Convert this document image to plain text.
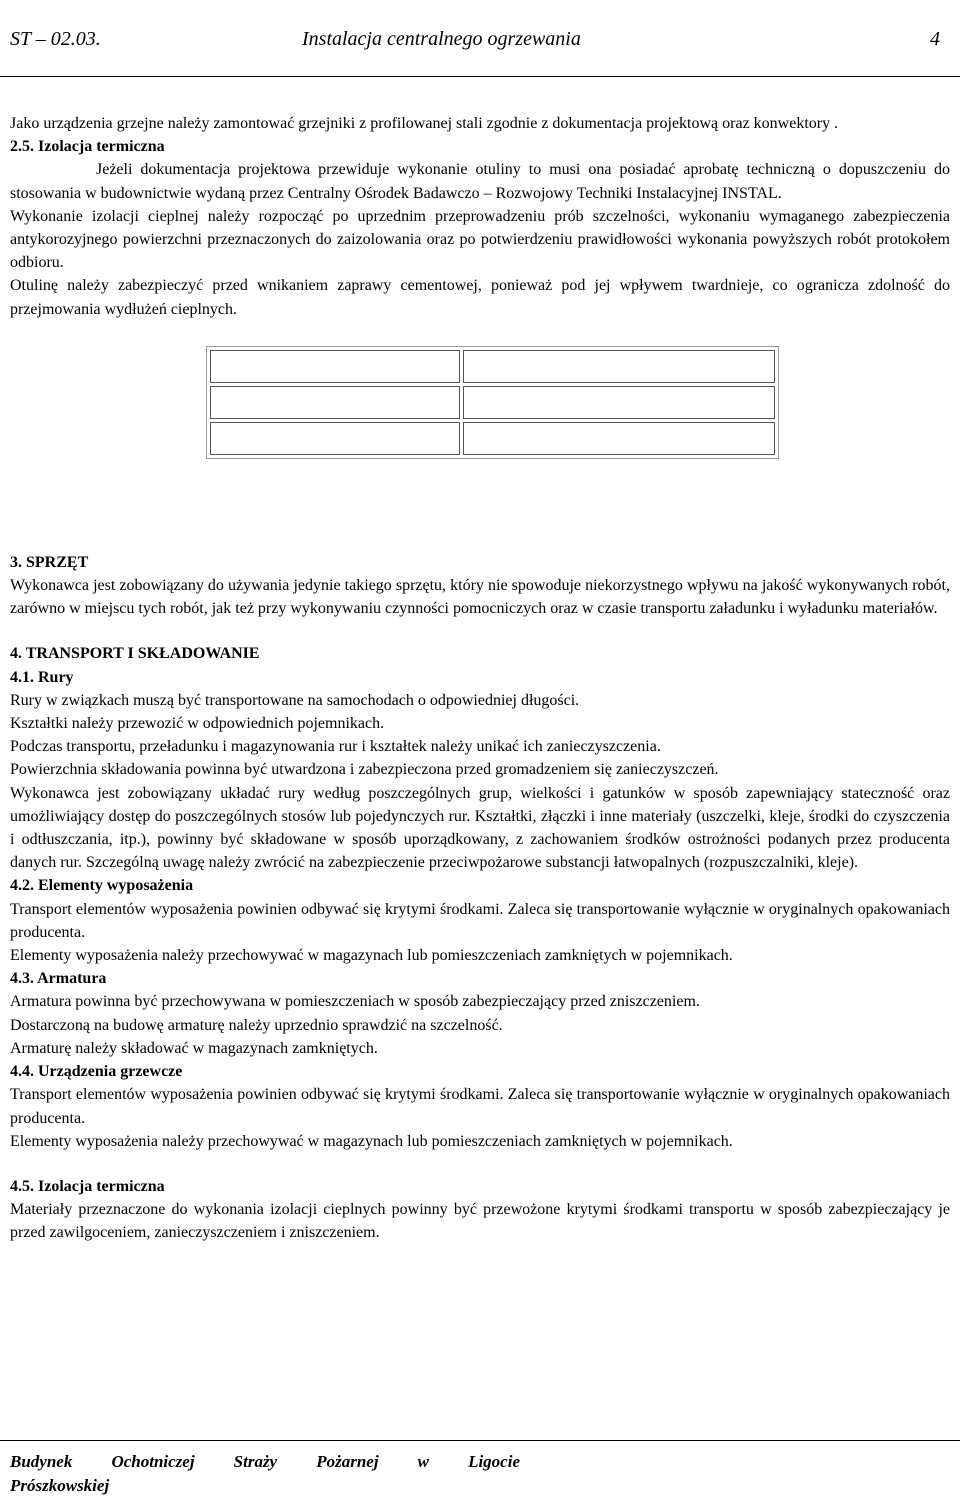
ST – 02.03.	Instalacja centralnego ogrzewania	4

Jako urządzenia grzejne należy zamontować grzejniki z profilowanej stali zgodnie z dokumentacja projektową oraz konwektory .

2.5. Izolacja termiczna

Jeżeli dokumentacja projektowa przewiduje wykonanie otuliny to musi ona posiadać aprobatę techniczną o dopuszczeniu do stosowania w budownictwie wydaną przez Centralny Ośrodek Badawczo – Rozwojowy Techniki Instalacyjnej INSTAL.

Wykonanie izolacji cieplnej należy rozpocząć po uprzednim przeprowadzeniu prób szczelności, wykonaniu wymaganego zabezpieczenia antykorozyjnego powierzchni przeznaczonych do zaizolowania oraz po potwierdzeniu prawidłowości wykonania powyższych robót protokołem odbioru.

Otulinę należy zabezpieczyć przed wnikaniem zaprawy cementowej, ponieważ pod jej wpływem twardnieje, co ogranicza zdolność do przejmowania wydłużeń cieplnych.

3. SPRZĘT

Wykonawca jest zobowiązany do używania jedynie takiego sprzętu, który nie spowoduje niekorzystnego wpływu na jakość wykonywanych robót, zarówno w miejscu tych robót, jak też przy wykonywaniu czynności pomocniczych oraz w czasie transportu załadunku i wyładunku materiałów.

4. TRANSPORT I SKŁADOWANIE
4.1. Rury

Rury w związkach muszą być transportowane na samochodach o odpowiedniej długości.

Kształtki należy przewozić w odpowiednich pojemnikach.

Podczas transportu, przeładunku i magazynowania rur i kształtek należy unikać ich zanieczyszczenia.

Powierzchnia składowania powinna być utwardzona i zabezpieczona przed gromadzeniem się zanieczyszczeń.

Wykonawca jest zobowiązany układać rury według poszczególnych grup, wielkości i gatunków w sposób zapewniający stateczność oraz umożliwiający dostęp do poszczególnych stosów lub pojedynczych rur. Kształtki, złączki i inne materiały (uszczelki, kleje, środki do czyszczenia i odtłuszczania, itp.), powinny być składowane w sposób uporządkowany, z zachowaniem środków ostrożności podanych przez producenta danych rur. Szczególną uwagę należy zwrócić na zabezpieczenie przeciwpożarowe substancji łatwopalnych (rozpuszczalniki, kleje).

4.2. Elementy wyposażenia

Transport elementów wyposażenia powinien odbywać się krytymi środkami. Zaleca się transportowanie wyłącznie w oryginalnych opakowaniach producenta.

Elementy wyposażenia należy przechowywać w magazynach lub pomieszczeniach zamkniętych w pojemnikach.

4.3. Armatura

Armatura powinna być przechowywana w pomieszczeniach w sposób zabezpieczający przed zniszczeniem.

Dostarczoną na budowę armaturę należy uprzednio sprawdzić na szczelność.

Armaturę należy składować w magazynach zamkniętych.

4.4. Urządzenia grzewcze

Transport elementów wyposażenia powinien odbywać się krytymi środkami. Zaleca się transportowanie wyłącznie w oryginalnych opakowaniach producenta.

Elementy wyposażenia należy przechowywać w magazynach lub pomieszczeniach zamkniętych w pojemnikach.

4.5. Izolacja termiczna

Materiały przeznaczone do wykonania izolacji cieplnych powinny być przewożone krytymi środkami transportu w sposób zabezpieczający je przed zawilgoceniem, zanieczyszczeniem i zniszczeniem.

Budynek Ochotniczej Straży Pożarnej w Ligocie
Prószkowskiej
